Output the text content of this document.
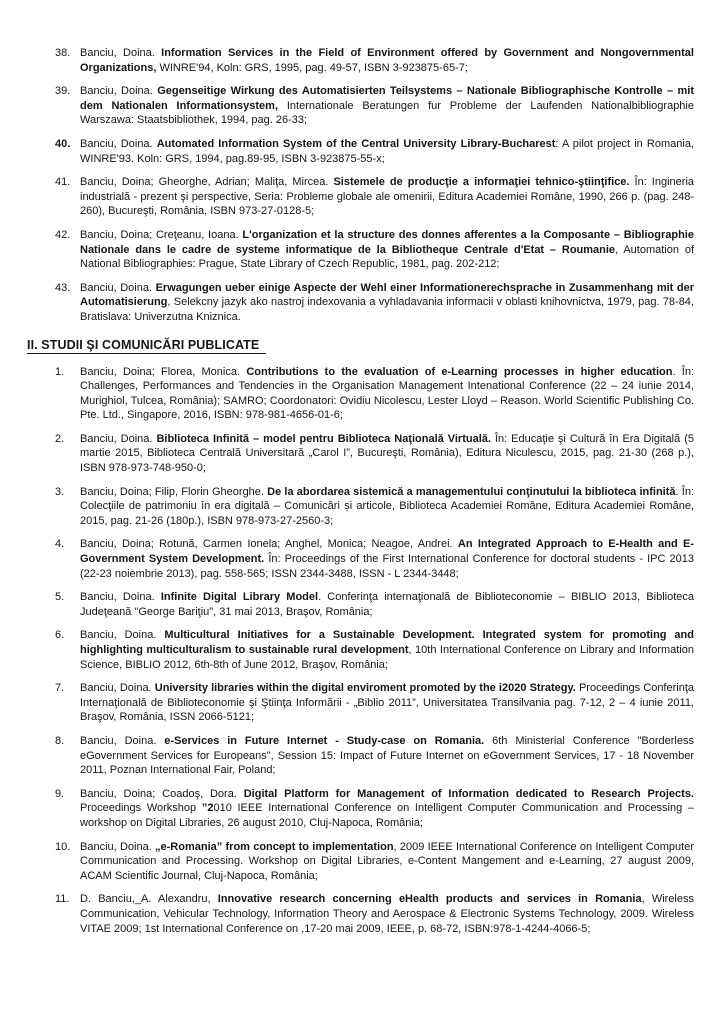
38. Banciu, Doina. Information Services in the Field of Environment offered by Government and Nongovernmental Organizations, WINRE'94, Koln: GRS, 1995, pag. 49-57, ISBN 3-923875-65-7;
39. Banciu, Doina. Gegenseitige Wirkung des Automatisierten Teilsystems – Nationale Bibliographische Kontrolle – mit dem Nationalen Informationsystem, Internationale Beratungen fur Probleme der Laufenden Nationalbibliographie Warszawa: Staatsbibliothek, 1994, pag. 26-33;
40. Banciu, Doina. Automated Information System of the Central University Library-Bucharest: A pilot project in Romania, WINRE'93. Koln: GRS, 1994, pag.89-95, ISBN 3-923875-55-x;
41. Banciu, Doina; Gheorghe, Adrian; Maliţa, Mircea. Sistemele de producţie a informaţiei tehnico-ştiinţifice. În: Ingineria industrială - prezent şi perspective, Seria: Probleme globale ale omenirii, Editura Academiei Române, 1990, 266 p. (pag. 248-260), Bucureşti, România, ISBN 973-27-0128-5;
42. Banciu, Doina; Creţeanu, Ioana. L'organization et la structure des donnes afferentes a la Composante – Bibliographie Nationale dans le cadre de systeme informatique de la Bibliotheque Centrale d'Etat – Roumanie, Automation of National Bibliographies: Prague, State Library of Czech Republic, 1981, pag. 202-212;
43. Banciu, Doina. Erwagungen ueber einige Aspecte der Wehl einer Informationerechsprache in Zusammenhang mit der Automatisierung, Selekcny jazyk ako nastroj indexovania a vyhladavania informacii v oblasti knihovnictva, 1979, pag. 78-84, Bratislava: Univerzutna Kniznica.
II. STUDII ŞI COMUNICĂRI PUBLICATE
1.	Banciu, Doina; Florea, Monica. Contributions to the evaluation of e-Learning processes in higher education. În: Challenges, Performances and Tendencies in the Organisation Management Intenational Conference (22 – 24 iunie 2014, Murighiol, Tulcea, România); SAMRO; Coordonatori: Ovidiu Nicolescu, Lester Lloyd – Reason. World Scientific Publishing Co. Pte. Ltd., Singapore, 2016, ISBN: 978-981-4656-01-6;
2.	Banciu, Doina. Biblioteca Infinită – model pentru Biblioteca Naţională Virtuală. În: Educaţie şi Cultură în Era Digitală (5 martie 2015, Biblioteca Centrală Universitară „Carol I”, Bucureşti, România), Editura Niculescu, 2015, pag. 21-30 (268 p.), ISBN 978-973-748-950-0;
3.	Banciu, Doina; Filip, Florin Gheorghe. De la abordarea sistemică a managementului conţinutului la biblioteca infinită. În: Colecţiile de patrimoniu în era digitală – Comunicări și articole, Biblioteca Academiei Române, Editura Academiei Române, 2015, pag. 21-26 (180p.), ISBN 978-973-27-2560-3;
4.	Banciu, Doina; Rotună, Carmen Ionela; Anghel, Monica; Neagoe, Andrei. An Integrated Approach to E-Health and E-Government System Development. În: Proceedings of the First International Conference for doctoral students - IPC 2013 (22-23 noiembrie 2013), pag. 558-565; ISSN 2344-3488, ISSN - L 2344-3448;
5.	Banciu, Doina. Infinite Digital Library Model. Conferinţa internaţională de Biblioteconomie – BIBLIO 2013, Biblioteca Judeţeană "George Bariţiu", 31 mai 2013, Braşov, România;
6.	Banciu, Doina. Multicultural Initiatives for a Sustainable Development. Integrated system for promoting and highlighting multiculturalism to sustainable rural development, 10th International Conference on Library and Information Science, BIBLIO 2012, 6th-8th of June 2012, Braşov, România;
7.	Banciu, Doina. University libraries within the digital enviroment promoted by the i2020 Strategy. Proceedings Conferinţa Internaţională de Biblioteconomie şi Ştiinţa Informării - „Biblio 2011”, Universitatea Transilvania pag. 7-12, 2 – 4 iunie 2011, Braşov, România, ISSN 2066-5121;
8.	Banciu, Doina. e-Services in Future Internet - Study-case on Romania. 6th Ministerial Conference "Borderless eGovernment Services for Europeans", Session 15: Impact of Future Internet on eGovernment Services, 17 - 18 November 2011, Poznan International Fair, Poland;
9.	Banciu, Doina; Coadoş, Dora. Digital Platform for Management of Information dedicated to Research Projects. Proceedings Workshop ”2010 IEEE International Conference on Intelligent Computer Communication and Processing – workshop on Digital Libraries, 26 august 2010, Cluj-Napoca, România;
10. Banciu, Doina. „e-Romania” from concept to implementation, 2009 IEEE International Conference on Intelligent Computer Communication and Processing. Workshop on Digital Libraries, e-Content Mangement and e-Learning, 27 august 2009, ACAM Scientific Journal, Cluj-Napoca, România;
11. D. Banciu,_A. Alexandru, Innovative research concerning eHealth products and services in Romania, Wireless Communication, Vehicular Technology, Information Theory and Aerospace & Electronic Systems Technology, 2009. Wireless VITAE 2009; 1st International Conference on ,17-20 mai 2009, IEEE, p. 68-72, ISBN:978-1-4244-4066-5;
